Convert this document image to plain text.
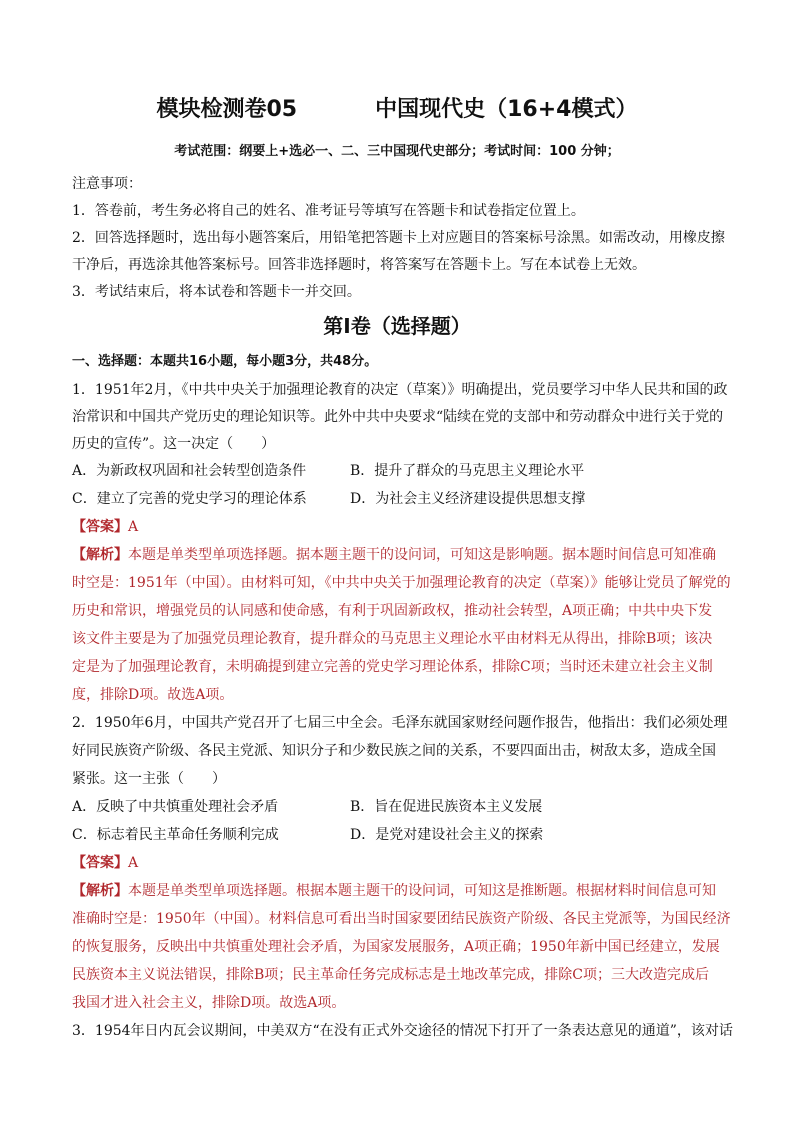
模块检测卷05	中国现代史（16+4模式）
考试范围：纲要上+选必一、二、三中国现代史部分；考试时间：100 分钟；
注意事项：
1．答卷前，考生务必将自己的姓名、准考证号等填写在答题卡和试卷指定位置上。
2．回答选择题时，选出每小题答案后，用铅笔把答题卡上对应题目的答案标号涂黑。如需改动，用橡皮擦
干净后，再选涂其他答案标号。回答非选择题时，将答案写在答题卡上。写在本试卷上无效。
3．考试结束后，将本试卷和答题卡一并交回。
第Ⅰ卷（选择题）
一、选择题：本题共16小题，每小题3分，共48分。
1．1951年2月，《中共中央关于加强理论教育的决定（草案）》明确提出，党员要学习中华人民共和国的政
治常识和中国共产党历史的理论知识等。此外中共中央要求“陆续在党的支部中和劳动群众中进行关于党的
历史的宣传”。这一决定（　　）
A．为新政权巩固和社会转型创造条件	B．提升了群众的马克思主义理论水平
C．建立了完善的党史学习的理论体系	D．为社会主义经济建设提供思想支撑
【答案】A
【解析】本题是单类型单项选择题。据本题主题干的设问词，可知这是影响题。据本题时间信息可知准确
时空是：1951年（中国）。由材料可知，《中共中央关于加强理论教育的决定（草案）》能够让党员了解党的
历史和常识，增强党员的认同感和使命感，有利于巩固新政权，推动社会转型，A项正确；中共中央下发
该文件主要是为了加强党员理论教育，提升群众的马克思主义理论水平由材料无从得出，排除B项；该决
定是为了加强理论教育，未明确提到建立完善的党史学习理论体系，排除C项；当时还未建立社会主义制
度，排除D项。故选A项。
2．1950年6月，中国共产党召开了七届三中全会。毛泽东就国家财经问题作报告，他指出：我们必须处理
好同民族资产阶级、各民主党派、知识分子和少数民族之间的关系，不要四面出击，树敌太多，造成全国
紧张。这一主张（　　）
A．反映了中共慎重处理社会矛盾	B．旨在促进民族资本主义发展
C．标志着民主革命任务顺利完成	D．是党对建设社会主义的探索
【答案】A
【解析】本题是单类型单项选择题。根据本题主题干的设问词，可知这是推断题。根据材料时间信息可知
准确时空是：1950年（中国）。材料信息可看出当时国家要团结民族资产阶级、各民主党派等，为国民经济
的恢复服务，反映出中共慎重处理社会矛盾，为国家发展服务，A项正确；1950年新中国已经建立，发展
民族资本主义说法错误，排除B项；民主革命任务完成标志是土地改革完成，排除C项；三大改造完成后
我国才进入社会主义，排除D项。故选A项。
3．1954年日内瓦会议期间，中美双方“在没有正式外交途径的情况下打开了一条表达意见的通道”，该对话
